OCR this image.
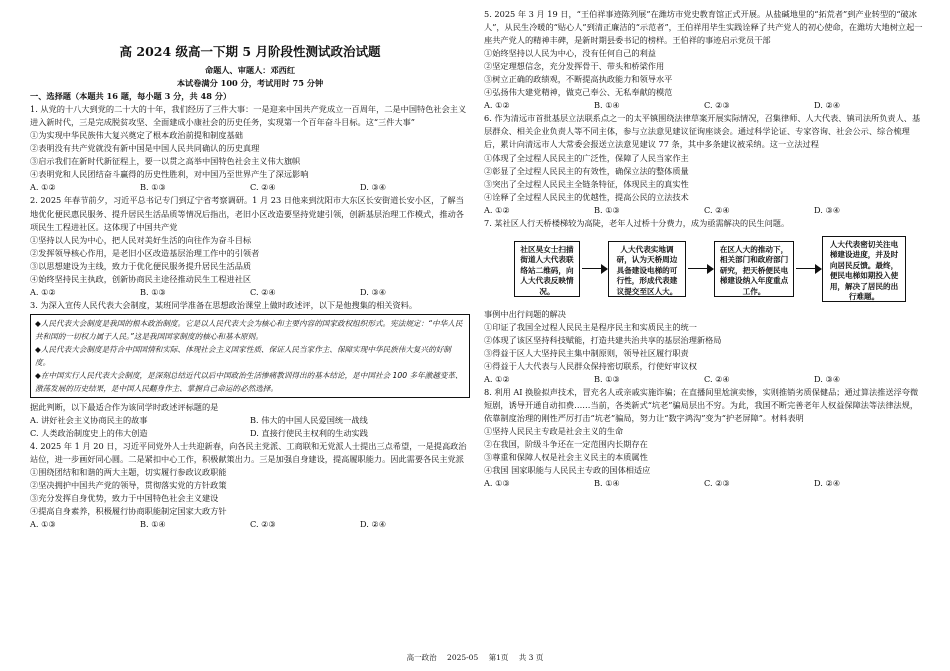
高 2024 级高一下期 5 月阶段性测试政治试题

命题人、审题人：邓西红

本试卷满分 100 分，考试用时 75 分钟

一、选择题（本题共 16 题，每小题 3 分，共 48 分）

1. 从党的十八大到党的二十大的十年，我们经历了三件大事：一是迎来中国共产党成立一百周年，二是中国特色社会主义进入新时代，三是完成脱贫攻坚、全面建成小康社会的历史任务，实现第一个百年奋斗目标。这“三件大事”

①为实现中华民族伟大复兴奠定了根本政治前提和制度基础

②表明没有共产党就没有新中国是中国人民共同确认的历史真理

③启示我们在新时代新征程上，要一以贯之高举中国特色社会主义伟大旗帜

④表明党和人民团结奋斗赢得的历史性胜利，对中国乃至世界产生了深远影响

A. ①②	B. ①③	C. ②④	D. ③④

2. 2025 年春节前夕，习近平总书记专门到辽宁省考察调研。1 月 23 日他来到沈阳市大东区长安街道长安小区，了解当地优化便民惠民服务、提升居民生活品质等情况后指出，老旧小区改造要坚持党建引领，创新基层治理工作模式，推动各项民生工程进社区。这体现了中国共产党

①坚持以人民为中心，把人民对美好生活的向往作为奋斗目标

②发挥领导核心作用，是老旧小区改造基层治理工作中的引领者

③以思想建设为主线，致力于优化便民服务提升居民生活品质

④始终坚持民主执政，创新协商民主途径推动民生工程进社区

A. ①②	B. ①③	C. ②④	D. ③④

3. 为深入宣传人民代表大会制度，某班同学准备在思想政治课堂上做时政述评，以下是他搜集的相关资料。

◆人民代表大会制度是我国的根本政治制度。它是以人民代表大会为核心和主要内容的国家政权组织形式。宪法规定：“中华人民共和国的一切权力属于人民。”这是我国国家制度的核心和基本原则。

◆人民代表大会制度是符合中国国情和实际、体现社会主义国家性质、保证人民当家作主、保障实现中华民族伟大复兴的好制度。

◆在中国实行人民代表大会制度，是深刻总结近代以后中国政治生活惨痛教训得出的基本结论，是中国社会 100 多年激越变革、激荡发展的历史结果，是中国人民翻身作主、掌握自己命运的必然选择。

据此判断，以下最适合作为该同学时政述评标题的是

A. 讲好社会主义协商民主的故事	B. 伟大的中国人民爱国统一战线
C. 人类政治制度史上的伟大创造	D. 直接行使民主权利的生动实践

4. 2025 年 1 月 20 日，习近平同党外人士共迎新春，向各民主党派、工商联和无党派人士提出三点希望，一是提高政治站位，进一步画好同心圆。二是紧扣中心工作，积极献策出力。三是加强自身建设，提高履职能力。因此需要各民主党派

①围绕团结和和谐的两大主题，切实履行参政议政职能

②坚决拥护中国共产党的领导，贯彻落实党的方针政策

③充分发挥自身优势，致力于中国特色社会主义建设

④提高自身素养，积极履行协商职能制定国家大政方针

A. ①③	B. ①④	C. ②③	D. ②④

5. 2025 年 3 月 19 日，“王伯祥事迹陈列展”在潍坊市党史教育馆正式开展。从盐碱地里的“拓荒者”到产业转型的“破冰人”，从民生冷暖的“贴心人”到清正廉洁的“示范者”，王伯祥用毕生实践诠释了共产党人的初心使命，在潍坊大地树立起一座共产党人的精神丰碑，是新时期县委书记的榜样。王伯祥的事迹启示党员干部

①始终坚持以人民为中心，没有任何自己的利益

②坚定理想信念，充分发挥骨干、带头和桥梁作用

③树立正确的政绩观，不断提高执政能力和领导水平

④弘扬伟大建党精神，做克己奉公、无私奉献的模范

A. ①②	B. ①④	C. ②③	D. ②④

6. 作为清远市首批基层立法联系点之一的太平镇围绕法律草案开展实际情况，召集律师、人大代表、镇司法所负责人、基层群众、相关企业负责人等不同主体，参与立法意见建议征询座谈会。通过科学论证、专家咨询、社会公示、综合梳理后，累计向清远市人大常委会报送立法意见建议 77 条，其中多条建议被采纳。这一立法过程

①体现了全过程人民民主的广泛性，保障了人民当家作主

②彰显了全过程人民民主的有效性，确保立法的整体质量

③突出了全过程人民民主全链条特征，体现民主的真实性

④诠释了全过程人民民主的优越性，提高公民的立法技术

A. ①②	B. ①③	C. ②④	D. ③④

7. 某社区人行天桥楼梯较为高陡，老年人过桥十分费力，成为亟需解决的民生问题。

社区昊女士扫描街道人大代表联络站二维码，向人大代表反映情况。
人大代表实地调研，认为天桥周边具备建设电梯的可行性，形成代表建议提交至区人大。
在区人大的推动下，相关部门和政府部门研究，把天桥便民电梯建设纳入年度重点工作。
人大代表密切关注电梯建设进度，并及时向居民反馈。最终，便民电梯如期投入使用，解决了居民的出行难题。

事例中出行问题的解决

①印证了我国全过程人民民主是程序民主和实质民主的统一

②体现了该区坚持科技赋能，打造共建共治共享的基层治理新格局

③得益于区人大坚持民主集中制原则，领导社区履行职责

④得益于人大代表与人民群众保持密切联系，行使好审议权

A. ①②	B. ①③	C. ②④	D. ③④

8. 利用 AI 换脸拟声技术，冒充名人或亲戚实施诈骗；在直播间里尬演卖惨，实则推销劣质保健品；通过算法推送浮夸微短剧，诱导开通自动扣费……当前，各类新式“坑老”骗局层出不穷。为此，我国不断完善老年人权益保障法等法律法规，依靠制度治理的刚性严厉打击“坑老”骗局，努力让“数字鸿沟”变为“护老屏障”。材料表明

①坚持人民民主专政是社会主义的生命

②在我国，阶级斗争还在一定范围内长期存在

③尊重和保障人权是社会主义民主的本质属性

④我国 国家职能与人民民主专政的国体相适应

A. ①③	B. ①④	C. ②③	D. ②④
高一政治 2025-05 第1页 共 3 页
